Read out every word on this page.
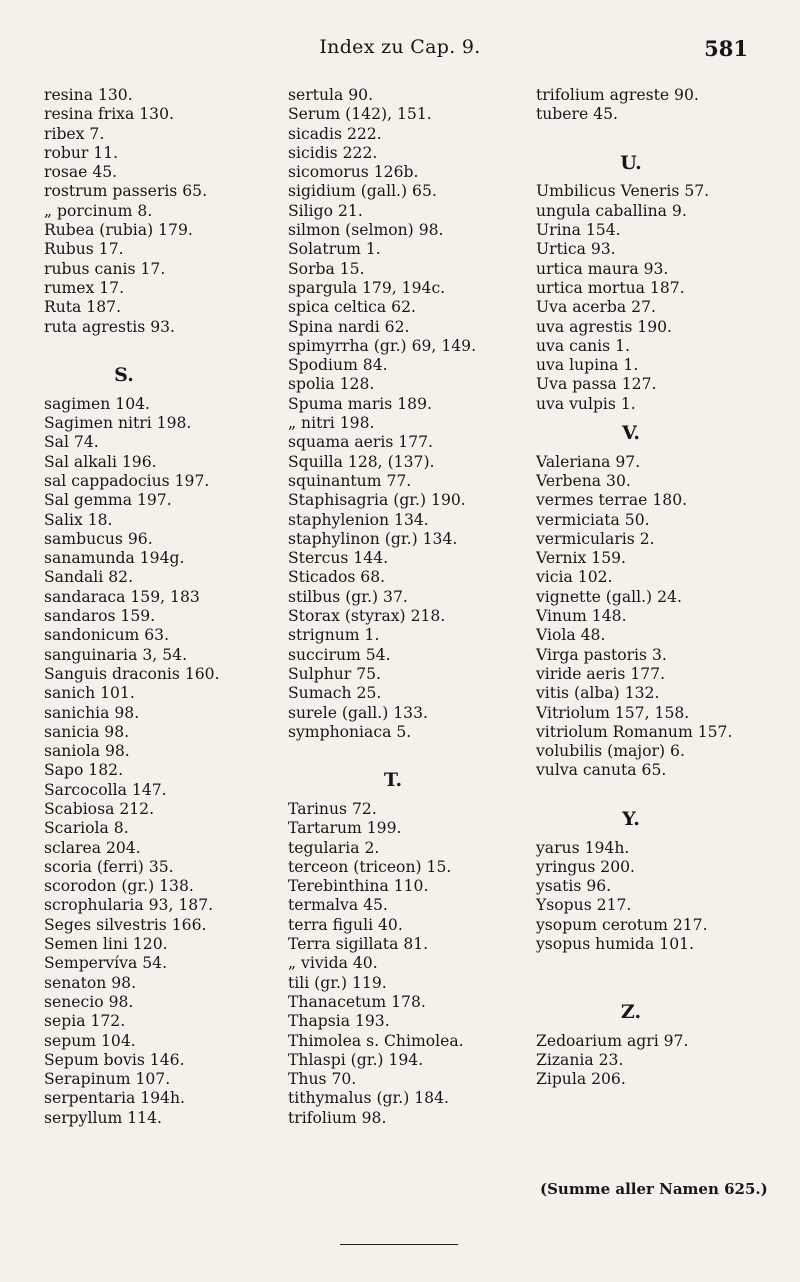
Index zu Cap. 9.	581
resina 130.
resina frixa 130.
ribex 7.
robur 11.
rosae 45.
rostrum passeris 65.
„ porcinum 8.
Rubea (rubia) 179.
Rubus 17.
rubus canis 17.
rumex 17.
Ruta 187.
ruta agrestis 93.
S.
sagimen 104.
Sagimen nitri 198.
Sal 74.
Sal alkali 196.
sal cappadocius 197.
Sal gemma 197.
Salix 18.
sambucus 96.
sanamunda 194g.
Sandali 82.
sandaraca 159, 183
sandaros 159.
sandonicum 63.
sanguinaria 3, 54.
Sanguis draconis 160.
sanich 101.
sanichia 98.
sanicia 98.
saniola 98.
Sapo 182.
Sarcocolla 147.
Scabiosa 212.
Scariola 8.
sclarea 204.
scoria (ferri) 35.
scorodon (gr.) 138.
scrophularia 93, 187.
Seges silvestris 166.
Semen lini 120.
Sempervíva 54.
senaton 98.
senecio 98.
sepia 172.
sepum 104.
Sepum bovis 146.
Serapinum 107.
serpentaria 194h.
serpyllum 114.
sertula 90.
Serum (142), 151.
sicadis 222.
sicidis 222.
sicomorus 126b.
sigidium (gall.) 65.
Siligo 21.
silmon (selmon) 98.
Solatrum 1.
Sorba 15.
spargula 179, 194c.
spica celtica 62.
Spina nardi 62.
spimyrrha (gr.) 69, 149.
Spodium 84.
spolia 128.
Spuma maris 189.
„ nitri 198.
squama aeris 177.
Squilla 128, (137).
squinantum 77.
Staphisagria (gr.) 190.
staphylenion 134.
staphylinon (gr.) 134.
Stercus 144.
Sticados 68.
stilbus (gr.) 37.
Storax (styrax) 218.
strignum 1.
succirum 54.
Sulphur 75.
Sumach 25.
surele (gall.) 133.
symphoniaca 5.
T.
Tarinus 72.
Tartarum 199.
tegularia 2.
terceon (triceon) 15.
Terebinthina 110.
termalva 45.
terra figuli 40.
Terra sigillata 81.
„ vivida 40.
tili (gr.) 119.
Thanacetum 178.
Thapsia 193.
Thimolea s. Chimolea.
Thlaspi (gr.) 194.
Thus 70.
tithymalus (gr.) 184.
trifolium 98.
trifolium agreste 90.
tubere 45.
U.
Umbilicus Veneris 57.
ungula caballina 9.
Urina 154.
Urtica 93.
urtica maura 93.
urtica mortua 187.
Uva acerba 27.
uva agrestis 190.
uva canis 1.
uva lupina 1.
Uva passa 127.
uva vulpis 1.
V.
Valeriana 97.
Verbena 30.
vermes terrae 180.
vermiciata 50.
vermicularis 2.
Vernix 159.
vicia 102.
vignette (gall.) 24.
Vinum 148.
Viola 48.
Virga pastoris 3.
viride aeris 177.
vitis (alba) 132.
Vitriolum 157, 158.
vitriolum Romanum 157.
volubilis (major) 6.
vulva canuta 65.
Y.
yarus 194h.
yringus 200.
ysatis 96.
Ysopus 217.
ysopum cerotum 217.
ysopus humida 101.
Z.
Zedoarium agri 97.
Zizania 23.
Zipula 206.
(Summe aller Namen 625.)
